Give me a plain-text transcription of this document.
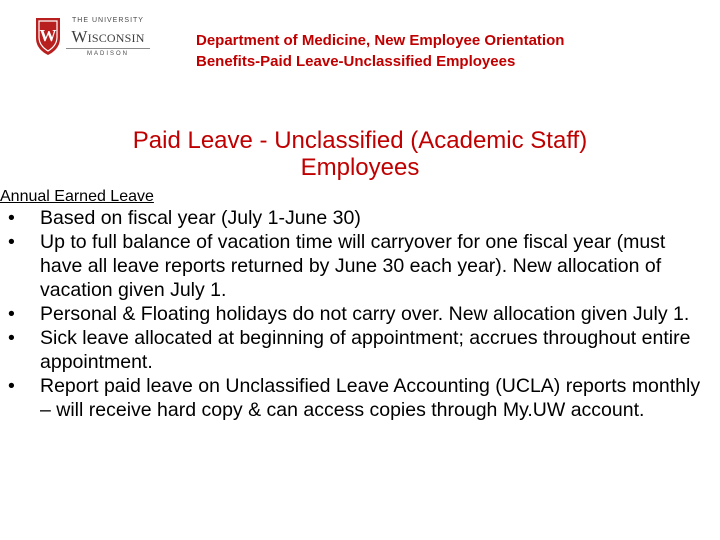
W
THE UNIVERSITY
Wisconsin
MADISON
Department of Medicine, New Employee Orientation
Benefits-Paid Leave-Unclassified Employees
Paid Leave - Unclassified (Academic Staff)
Employees
Annual Earned Leave
• Based on fiscal year (July 1-June 30)
• Up to full balance of vacation time will carryover for one fiscal year (must have all leave reports returned by June 30 each year). New allocation of vacation given July 1.
• Personal & Floating holidays do not carry over. New allocation given July 1.
• Sick leave allocated at beginning of appointment; accrues throughout entire appointment.
• Report paid leave on Unclassified Leave Accounting (UCLA) reports monthly – will receive hard copy & can access copies through My.UW account.
